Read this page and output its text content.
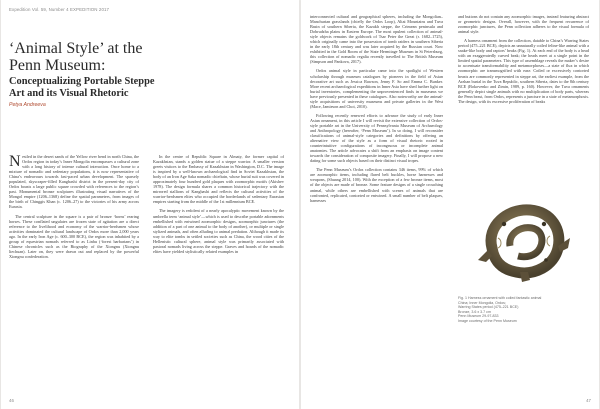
Expedition Vol. 59, Number 4 EXPEDITION 2017
‘Animal Style’ at the Penn Museum:
Conceptualizing Portable Steppe Art and its Visual Rhetoric
Petya Andreeva

Nestled in the desert sands of the Yellow river bend in north China, the Ordos region in today’s Inner Mongolia encompasses a cultural zone with a long history of intense cultural interaction. Once home to a mixture of nomadic and sedentary populations, it is now representative of China’s endeavours towards fast-paced urban development. The sparsely populated, skyscraper-filled Kangbashi district in the present-day city of Ordos boasts a large public square crowded with references to the region’s past. Monumental bronze sculptures illustrating visual narratives of the Mongol empire (1206–1368) define the spatial parameters, from images of the birth of Chinggis Khan (c. 1206–27) to the victories of his army across Eurasia.

The central sculpture in the square is a pair of bronze ‘horns’ rearing horses. These conflated ungulates are frozen state of agitation are a direct reference to the livelihood and economy of the warrior-herdsmen whose activities dominated the cultural landscape of Ordos more than 2,000 years ago. In the early Iron Age (c. 600–300 BCE), the region was inhabited by a group of equestrian nomads referred to as Linhu (‘forest barbarians’) in Chinese chronicles such as the Biography of the Xiongnu (Xiongnu liechuan). Later on, they were drawn out and replaced by the powerful Xiongnu confederation.

In the centre of Republic Square in Almaty, the former capital of Kazakhstan, stands a golden statue of a steppe warrior. A smaller version greets visitors to the Embassy of Kazakhstan in Washington, D.C. The image is inspired by a well-known archaeological find in Soviet Kazakhstan, the body of an Iron Age Saka nomadic chieftain, whose burial suit was covered in approximately four hundred gold plaques with zoomorphic motifs (Akishev 1978). The design formula shares a common historical trajectory with the mirrored stallions of Kangbashi and reflects the cultural activities of the warrior-herdsmen elites who occupied the borderlands of sedentary Eurasian empires starting from the middle of the 1st millennium BCE.

The imagery is redolent of a nearly apocalyptic movement known by the umbrella term ‘animal style’—which is used to describe portable adornments embellished with entwined zoomorphic designs, zoomorphic junctures (the addition of a part of one animal to the body of another), or multiple or single stylized animals, and often alluding to animal predation. Although it made its way to elite tombs in settled societies such as China, the wood cities of the Hellenistic cultural sphere, animal style was primarily associated with pastoral nomads living across the steppe. Graves and hoards of the nomadic elites have yielded stylistically related examples in

46

interconnected cultural and geographical spheres, including the Mongolian–Manchurian grasslands (chiefly the Ordos Loop), Altai Mountains and Tuva Basin of southern Siberia, the Kazakh steppe, the Crimean peninsula and Dobrudzha plains in Eastern Europe. The most opulent collection of animal-style objects remains the goldwork of Tsar Peter the Great (r. 1682–1725), which originally came into the possession of tomb raiders in southern Siberia in the early 18th century and was later acquired by the Russian court. Now exhibited in the Gold Room of the State Hermitage Museum in St Petersburg, this collection of nomadic regalia recently travelled to The British Museum (Simpson and Pankova, 2017).

Ordos animal style in particular came into the spotlight of Western scholarship through museum catalogues by pioneers in the field of Asian decorative art such as Jessica Rawson, Jenny F. So and Emma C. Bunker. More recent archaeological expeditions in Inner Asia have shed further light on burial inventories, complementing the unprovenienced finds in museums we have previously presented in these catalogues. Also noteworthy are the animal-style acquisitions of university museums and private galleries in the West (Mace, Jamieson and Choi, 2010).

Following recently renewed efforts to advance the study of early Inner Asian ornament, in this article I will revisit the extensive collection of Ordos-style portable art in the University of Pennsylvania Museum of Archaeology and Anthropology (hereafter, ‘Penn Museum’). In so doing, I will reconsider classifications of animal-style categories and definitions by offering an alternative view of the style as a form of visual rhetoric rooted in counterintuitive configurations of incongruous or incomplete animal anatomies. The article advocates a shift from an emphasis on image content towards the consideration of composite imagery. Finally, I will propose a new dating for some such objects based on their distinct visual tropes.

The Penn Museum’s Ordos collection contains 346 items, 99% of which are zoomorphic items, including flared belt buckles, horse harnesses and weapons, (Shuang 2014, 100). With the exception of a few bronze items, most of the objects are made of bronze. Some feature designs of a single crouching animal, while others are embellished with scenes of animals that are confronted, replicated, contorted or entwined. A small number of belt plaques, harnesses

and buttons do not contain any zoomorphic images, instead featuring abstract or geometric designs. Overall, however, with the frequent recurrence of zoomorphic junctures, the Penn collection adheres to the visual formula of animal style.

A harness ornament from the collection, datable to China’s Warring States period (475–221 BCE), depicts an unnaturally coiled feline-like animal with a snake-like body and raptors’ beaks (Fig. 1). At each end of the body is a head with an exaggeratedly curved beak; the heads meet at a single point in the limited spatial parameters. This type of assemblage reveals the maker’s desire to accentuate transformability and metamorphoses—a state of flux in which zoomorphic are transmogrified with ease. Coiled or excessively contorted beasts are commonly represented in steppe art, the earliest example, from the Arzhan burial in the Tuva Republic, southern Siberia, dates to the 8th century BCE (Bokovenko and Zimin, 1989, p. 160). However, the Tuva ornaments generally depict single animals with no multiplication of body parts, whereas the Penn beast, from Ordos, represents a juncture in a state of metamorphosis. The design, with its excessive proliferation of beaks

Fig. 1 Harness ornament with coiled fantastic animal
China; Inner Mongolia, Ordos;
Warring States period (475–221 BCE)
Bronze, 3.6 x 3.7 cm
Penn Museum 29-97-833
Image courtesy of the Penn Museum
47
